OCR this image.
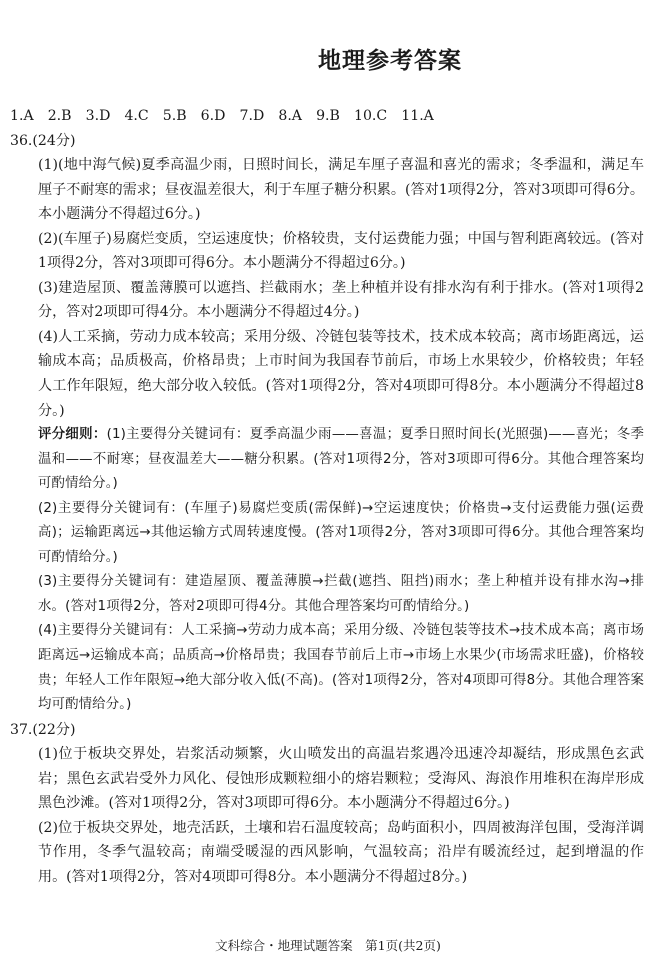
地理参考答案

1.A　2.B　3.D　4.C　5.B　6.D　7.D　8.A　9.B　10.C　11.A

36.(24分)

(1)(地中海气候)夏季高温少雨，日照时间长，满足车厘子喜温和喜光的需求；冬季温和，满足车厘子不耐寒的需求；昼夜温差很大，利于车厘子糖分积累。(答对1项得2分，答对3项即可得6分。本小题满分不得超过6分。)

(2)(车厘子)易腐烂变质，空运速度快；价格较贵，支付运费能力强；中国与智利距离较远。(答对1项得2分，答对3项即可得6分。本小题满分不得超过6分。)

(3)建造屋顶、覆盖薄膜可以遮挡、拦截雨水；垄上种植并设有排水沟有利于排水。(答对1项得2分，答对2项即可得4分。本小题满分不得超过4分。)

(4)人工采摘，劳动力成本较高；采用分级、冷链包装等技术，技术成本较高；离市场距离远，运输成本高；品质极高，价格昂贵；上市时间为我国春节前后，市场上水果较少，价格较贵；年轻人工作年限短，绝大部分收入较低。(答对1项得2分，答对4项即可得8分。本小题满分不得超过8分。)

评分细则：(1)主要得分关键词有：夏季高温少雨——喜温；夏季日照时间长(光照强)——喜光；冬季温和——不耐寒；昼夜温差大——糖分积累。(答对1项得2分，答对3项即可得6分。其他合理答案均可酌情给分。)

(2)主要得分关键词有：(车厘子)易腐烂变质(需保鲜)→空运速度快；价格贵→支付运费能力强(运费高)；运输距离远→其他运输方式周转速度慢。(答对1项得2分，答对3项即可得6分。其他合理答案均可酌情给分。)

(3)主要得分关键词有：建造屋顶、覆盖薄膜→拦截(遮挡、阻挡)雨水；垄上种植并设有排水沟→排水。(答对1项得2分，答对2项即可得4分。其他合理答案均可酌情给分。)

(4)主要得分关键词有：人工采摘→劳动力成本高；采用分级、冷链包装等技术→技术成本高；离市场距离远→运输成本高；品质高→价格昂贵；我国春节前后上市→市场上水果少(市场需求旺盛)，价格较贵；年轻人工作年限短→绝大部分收入低(不高)。(答对1项得2分，答对4项即可得8分。其他合理答案均可酌情给分。)

37.(22分)

(1)位于板块交界处，岩浆活动频繁，火山喷发出的高温岩浆遇冷迅速冷却凝结，形成黑色玄武岩；黑色玄武岩受外力风化、侵蚀形成颗粒细小的熔岩颗粒；受海风、海浪作用堆积在海岸形成黑色沙滩。(答对1项得2分，答对3项即可得6分。本小题满分不得超过6分。)

(2)位于板块交界处，地壳活跃，土壤和岩石温度较高；岛屿面积小，四周被海洋包围，受海洋调节作用，冬季气温较高；南端受暖湿的西风影响，气温较高；沿岸有暖流经过，起到增温的作用。(答对1项得2分，答对4项即可得8分。本小题满分不得超过8分。)

文科综合・地理试题答案　第1页(共2页)
